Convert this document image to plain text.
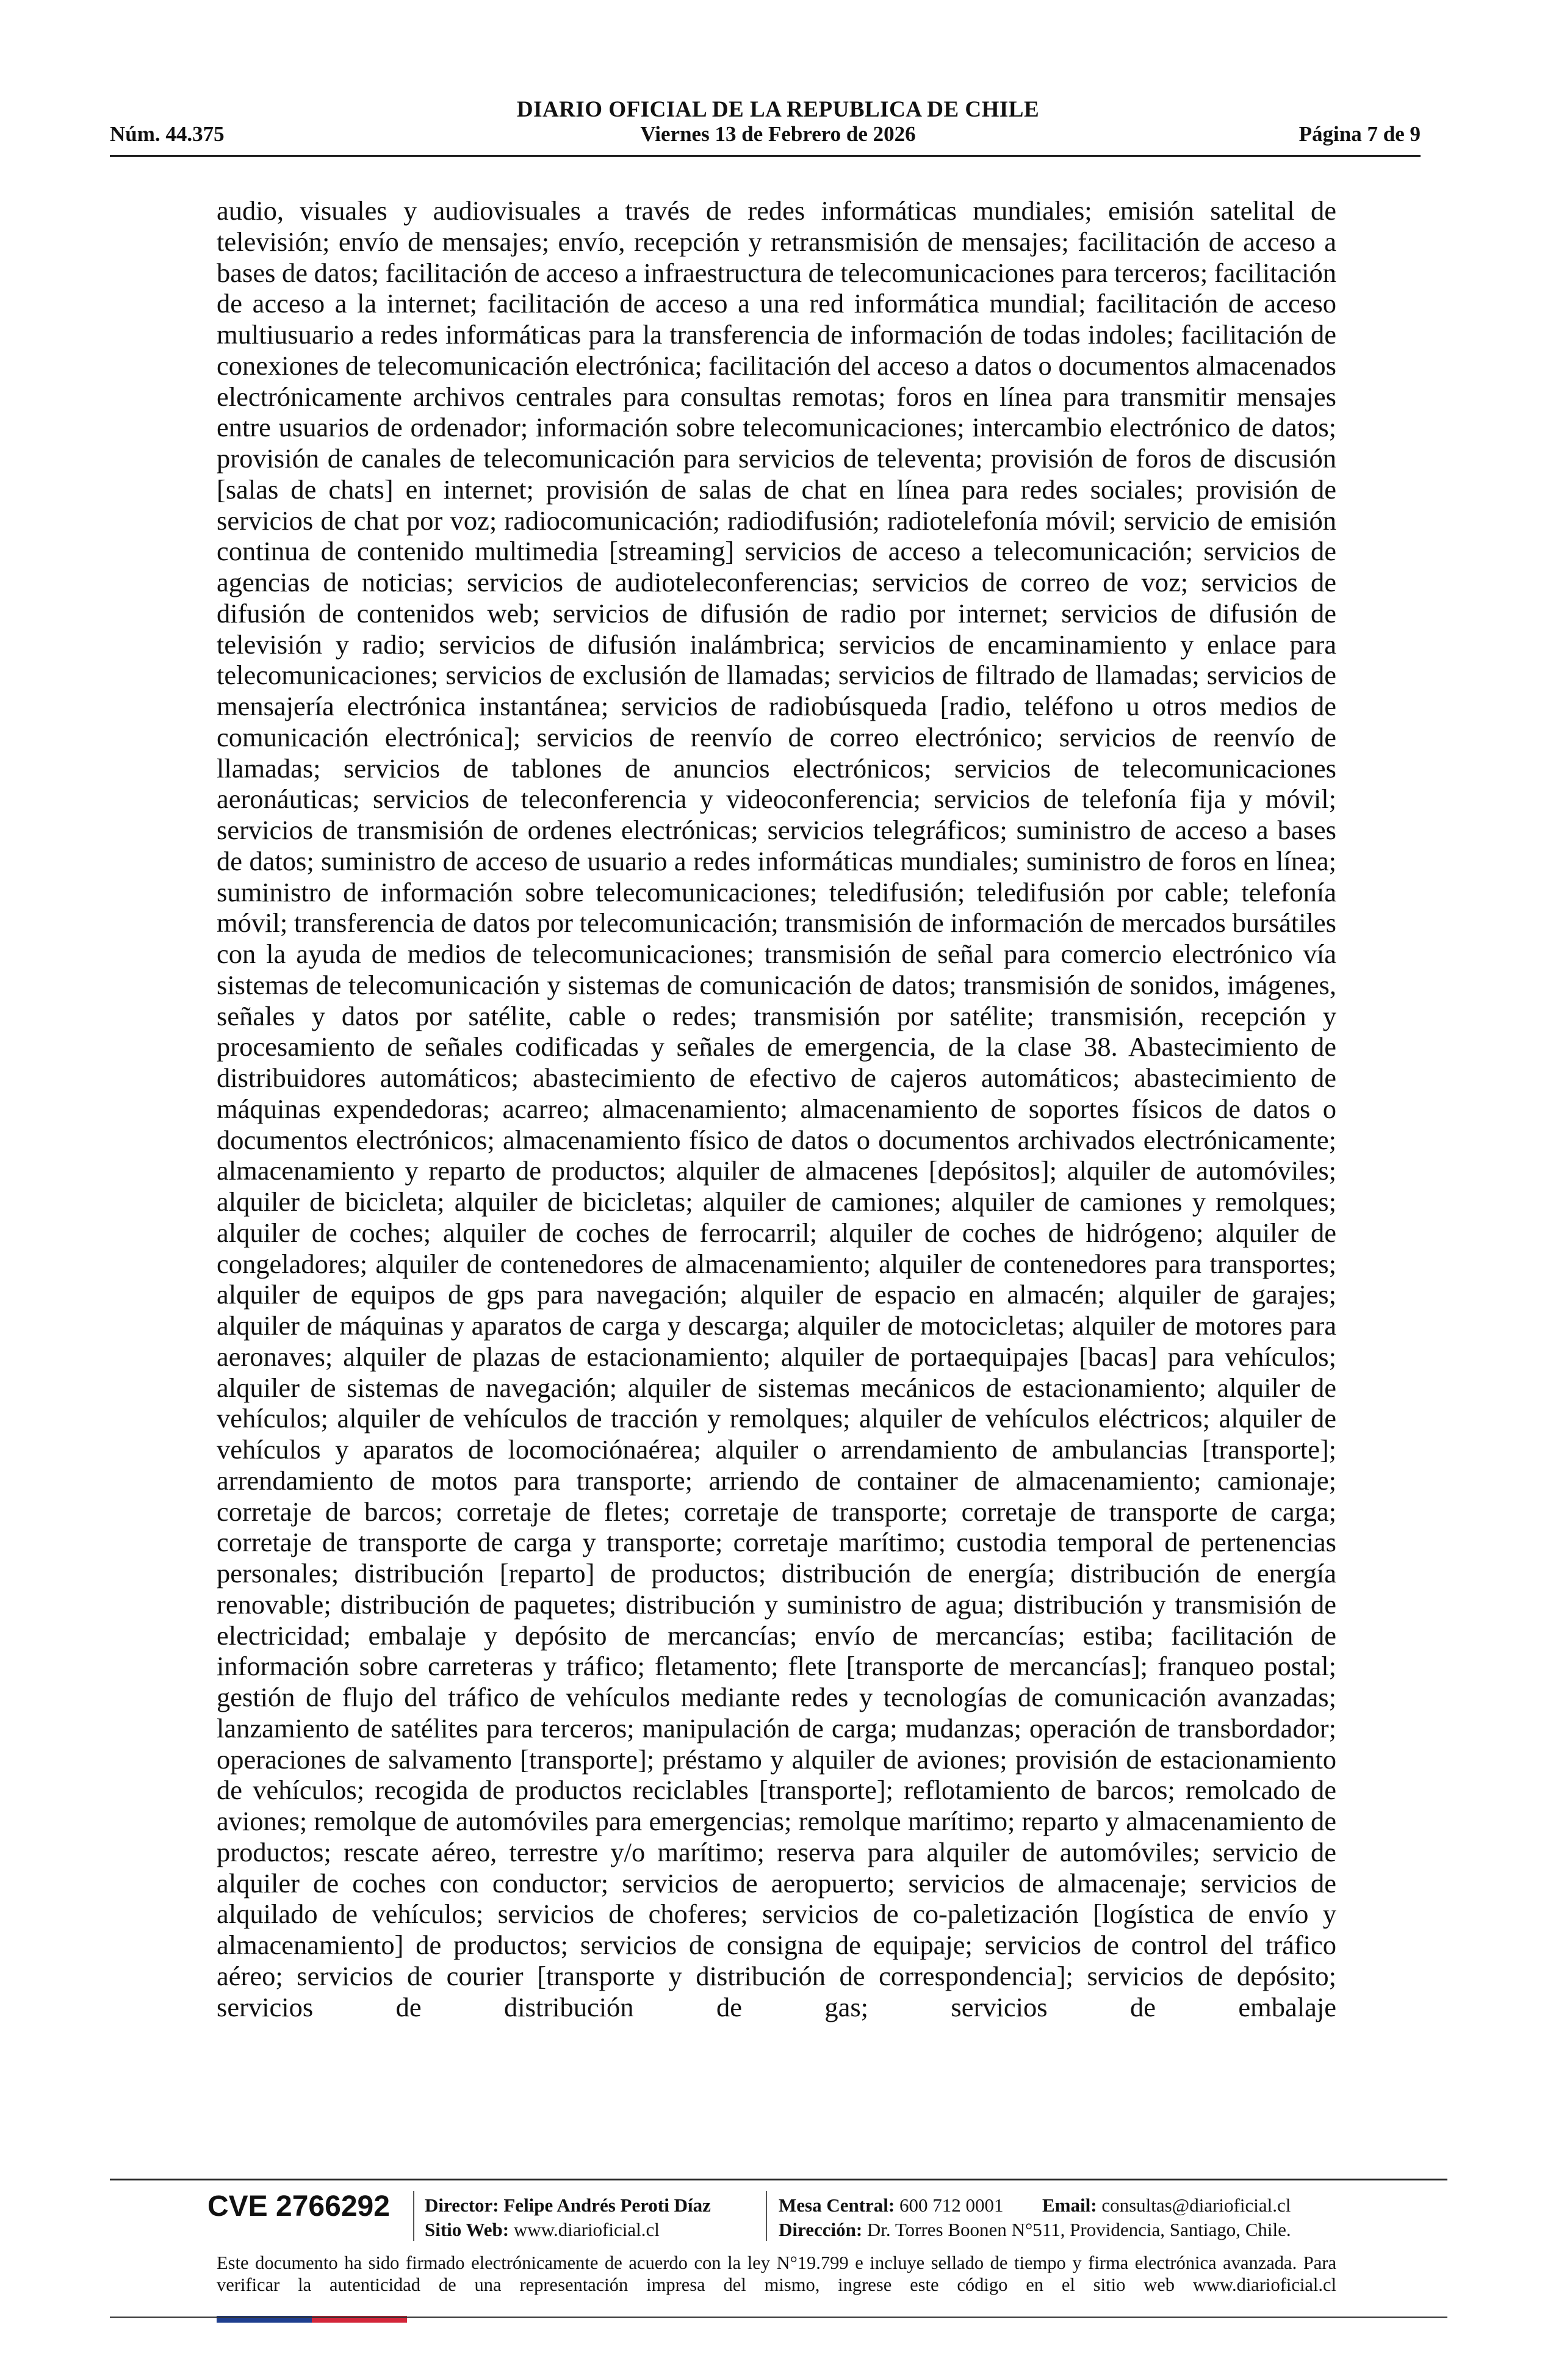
DIARIO OFICIAL DE LA REPUBLICA DE CHILE
Núm. 44.375	Viernes 13 de Febrero de 2026	Página 7 de 9
audio, visuales y audiovisuales a través de redes informáticas mundiales; emisión satelital de televisión; envío de mensajes; envío, recepción y retransmisión de mensajes; facilitación de acceso a bases de datos; facilitación de acceso a infraestructura de telecomunicaciones para terceros; facilitación de acceso a la internet; facilitación de acceso a una red informática mundial; facilitación de acceso multiusuario a redes informáticas para la transferencia de información de todas indoles; facilitación de conexiones de telecomunicación electrónica; facilitación del acceso a datos o documentos almacenados electrónicamente archivos centrales para consultas remotas; foros en línea para transmitir mensajes entre usuarios de ordenador; información sobre telecomunicaciones; intercambio electrónico de datos; provisión de canales de telecomunicación para servicios de televenta; provisión de foros de discusión [salas de chats] en internet; provisión de salas de chat en línea para redes sociales; provisión de servicios de chat por voz; radiocomunicación; radiodifusión; radiotelefonía móvil; servicio de emisión continua de contenido multimedia [streaming] servicios de acceso a telecomunicación; servicios de agencias de noticias; servicios de audioteleconferencias; servicios de correo de voz; servicios de difusión de contenidos web; servicios de difusión de radio por internet; servicios de difusión de televisión y radio; servicios de difusión inalámbrica; servicios de encaminamiento y enlace para telecomunicaciones; servicios de exclusión de llamadas; servicios de filtrado de llamadas; servicios de mensajería electrónica instantánea; servicios de radiobúsqueda [radio, teléfono u otros medios de comunicación electrónica]; servicios de reenvío de correo electrónico; servicios de reenvío de llamadas; servicios de tablones de anuncios electrónicos; servicios de telecomunicaciones aeronáuticas; servicios de teleconferencia y videoconferencia; servicios de telefonía fija y móvil; servicios de transmisión de ordenes electrónicas; servicios telegráficos; suministro de acceso a bases de datos; suministro de acceso de usuario a redes informáticas mundiales; suministro de foros en línea; suministro de información sobre telecomunicaciones; teledifusión; teledifusión por cable; telefonía móvil; transferencia de datos por telecomunicación; transmisión de información de mercados bursátiles con la ayuda de medios de telecomunicaciones; transmisión de señal para comercio electrónico vía sistemas de telecomunicación y sistemas de comunicación de datos; transmisión de sonidos, imágenes, señales y datos por satélite, cable o redes; transmisión por satélite; transmisión, recepción y procesamiento de señales codificadas y señales de emergencia, de la clase 38. Abastecimiento de distribuidores automáticos; abastecimiento de efectivo de cajeros automáticos; abastecimiento de máquinas expendedoras; acarreo; almacenamiento; almacenamiento de soportes físicos de datos o documentos electrónicos; almacenamiento físico de datos o documentos archivados electrónicamente; almacenamiento y reparto de productos; alquiler de almacenes [depósitos]; alquiler de automóviles; alquiler de bicicleta; alquiler de bicicletas; alquiler de camiones; alquiler de camiones y remolques; alquiler de coches; alquiler de coches de ferrocarril; alquiler de coches de hidrógeno; alquiler de congeladores; alquiler de contenedores de almacenamiento; alquiler de contenedores para transportes; alquiler de equipos de gps para navegación; alquiler de espacio en almacén; alquiler de garajes; alquiler de máquinas y aparatos de carga y descarga; alquiler de motocicletas; alquiler de motores para aeronaves; alquiler de plazas de estacionamiento; alquiler de portaequipajes [bacas] para vehículos; alquiler de sistemas de navegación; alquiler de sistemas mecánicos de estacionamiento; alquiler de vehículos; alquiler de vehículos de tracción y remolques; alquiler de vehículos eléctricos; alquiler de vehículos y aparatos de locomociónaérea; alquiler o arrendamiento de ambulancias [transporte]; arrendamiento de motos para transporte; arriendo de container de almacenamiento; camionaje; corretaje de barcos; corretaje de fletes; corretaje de transporte; corretaje de transporte de carga; corretaje de transporte de carga y transporte; corretaje marítimo; custodia temporal de pertenencias personales; distribución [reparto] de productos; distribución de energía; distribución de energía renovable; distribución de paquetes; distribución y suministro de agua; distribución y transmisión de electricidad; embalaje y depósito de mercancías; envío de mercancías; estiba; facilitación de información sobre carreteras y tráfico; fletamento; flete [transporte de mercancías]; franqueo postal; gestión de flujo del tráfico de vehículos mediante redes y tecnologías de comunicación avanzadas; lanzamiento de satélites para terceros; manipulación de carga; mudanzas; operación de transbordador; operaciones de salvamento [transporte]; préstamo y alquiler de aviones; provisión de estacionamiento de vehículos; recogida de productos reciclables [transporte]; reflotamiento de barcos; remolcado de aviones; remolque de automóviles para emergencias; remolque marítimo; reparto y almacenamiento de productos; rescate aéreo, terrestre y/o marítimo; reserva para alquiler de automóviles; servicio de alquiler de coches con conductor; servicios de aeropuerto; servicios de almacenaje; servicios de alquilado de vehículos; servicios de choferes; servicios de co-paletización [logística de envío y almacenamiento] de productos; servicios de consigna de equipaje; servicios de control del tráfico aéreo; servicios de courier [transporte y distribución de correspondencia]; servicios de depósito; servicios de distribución de gas; servicios de embalaje
CVE 2766292 Director: Felipe Andrés Peroti Díaz
Sitio Web: www.diarioficial.cl
Mesa Central: 600 712 0001 Email: consultas@diarioficial.cl
Dirección: Dr. Torres Boonen N°511, Providencia, Santiago, Chile.
Este documento ha sido firmado electrónicamente de acuerdo con la ley N°19.799 e incluye sellado de tiempo y firma electrónica avanzada. Para verificar la autenticidad de una representación impresa del mismo, ingrese este código en el sitio web www.diarioficial.cl
